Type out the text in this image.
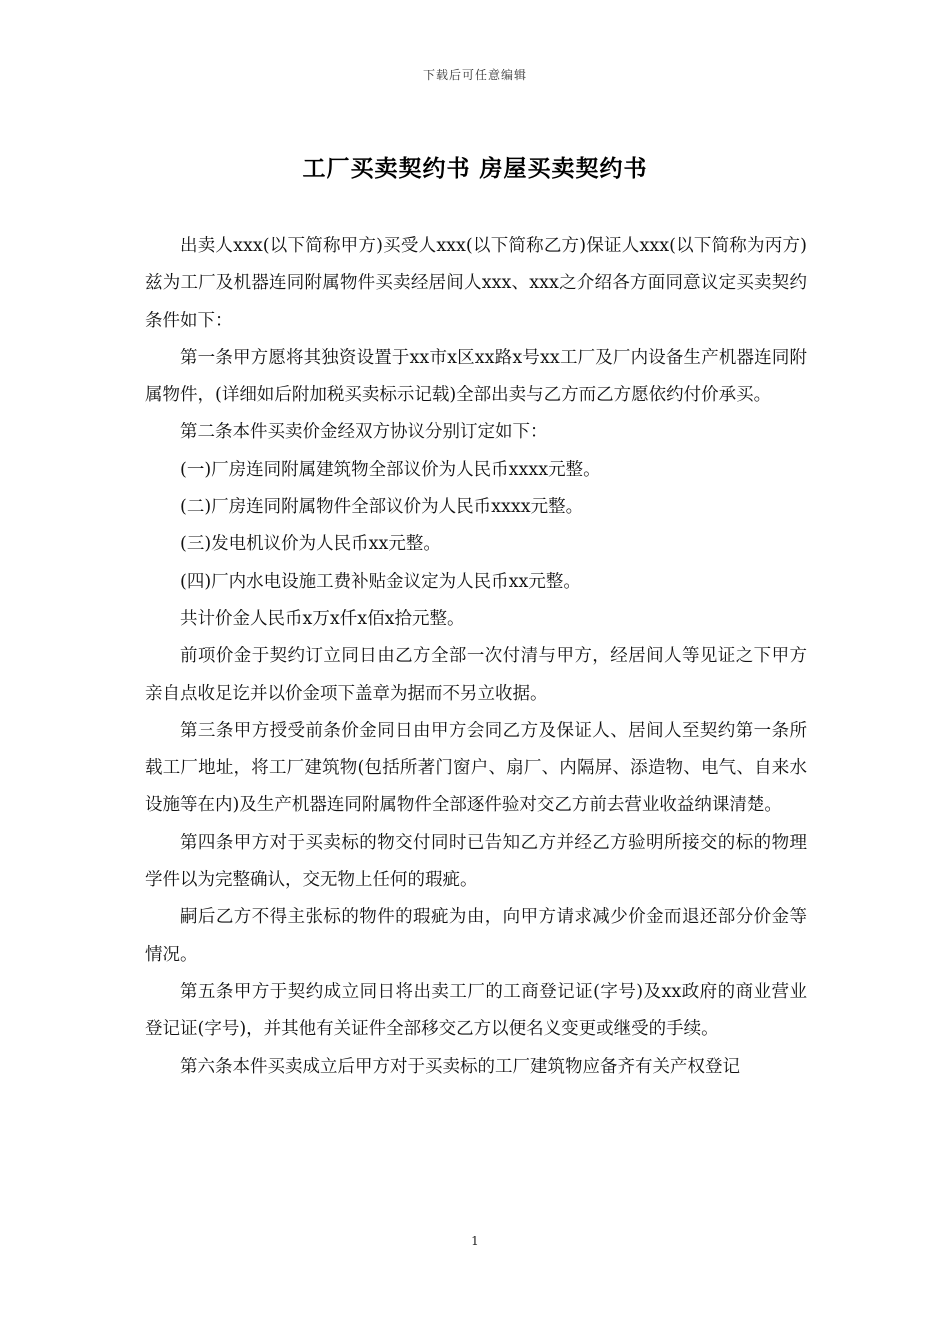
下载后可任意编辑
工厂买卖契约书 房屋买卖契约书

出卖人xxx(以下简称甲方)买受人xxx(以下简称乙方)保证人xxx(以下简称为丙方)兹为工厂及机器连同附属物件买卖经居间人xxx、xxx之介绍各方面同意议定买卖契约条件如下：

第一条甲方愿将其独资设置于xx市x区xx路x号xx工厂及厂内设备生产机器连同附属物件，(详细如后附加税买卖标示记载)全部出卖与乙方而乙方愿依约付价承买。

第二条本件买卖价金经双方协议分别订定如下：

(一)厂房连同附属建筑物全部议价为人民币xxxx元整。

(二)厂房连同附属物件全部议价为人民币xxxx元整。

(三)发电机议价为人民币xx元整。

(四)厂内水电设施工费补贴金议定为人民币xx元整。

共计价金人民币x万x仟x佰x拾元整。

前项价金于契约订立同日由乙方全部一次付清与甲方，经居间人等见证之下甲方亲自点收足讫并以价金项下盖章为据而不另立收据。

第三条甲方授受前条价金同日由甲方会同乙方及保证人、居间人至契约第一条所载工厂地址，将工厂建筑物(包括所著门窗户、扇厂、内隔屏、添造物、电气、自来水设施等在内)及生产机器连同附属物件全部逐件验对交乙方前去营业收益纳课清楚。

第四条甲方对于买卖标的物交付同时已告知乙方并经乙方验明所接交的标的物理学件以为完整确认，交无物上任何的瑕疵。

嗣后乙方不得主张标的物件的瑕疵为由，向甲方请求减少价金而退还部分价金等情况。

第五条甲方于契约成立同日将出卖工厂的工商登记证(字号)及xx政府的商业营业登记证(字号)，并其他有关证件全部移交乙方以便名义变更或继受的手续。

第六条本件买卖成立后甲方对于买卖标的工厂建筑物应备齐有关产权登记

1
